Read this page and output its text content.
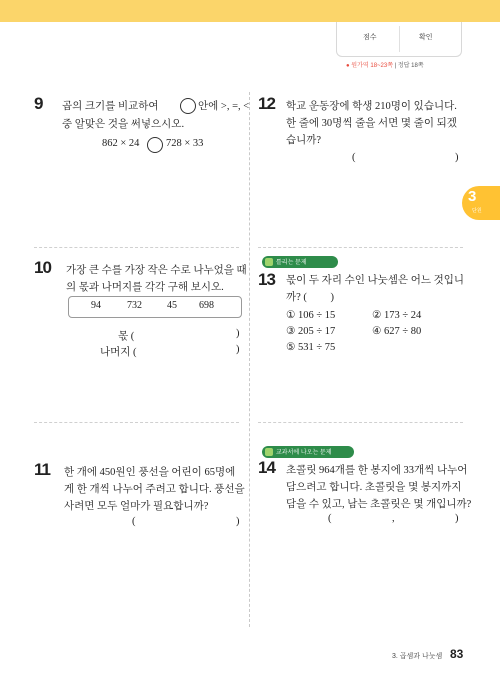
점수	확인
● 원가역 18~23쪽 | 정답 18쪽
3
단원
9 곱의 크기를 비교하여	안에 >, =, <
중 알맞은 것을 써넣으시오.
862 × 24	728 × 33
10 가장 큰 수를 가장 작은 수로 나누었을 때
의 몫과 나머지를 각각 구해 보시오.
94	732	45 698
몫 (	)
나머지 (	)
11 한 개에 450원인 풍선을 어린이 65명에
게 한 개씩 나누어 주려고 합니다. 풍선을
사려면 모두 얼마가 필요합니까?
(	)
12 학교 운동장에 학생 210명이 있습니다.
한 줄에 30명씩 줄을 서면 몇 줄이 되겠
습니까?
(	)
틀리는 문제
13 몫이 두 자리 수인 나눗셈은 어느 것입니
까? (         )
① 106 ÷ 15	② 173 ÷ 24
③ 205 ÷ 17	④ 627 ÷ 80
⑤ 531 ÷ 75
교과서에 나오는 문제
14 초콜릿 964개를 한 봉지에 33개씩 나누어
담으려고 합니다. 초콜릿을 몇 봉지까지
담을 수 있고, 남는 초콜릿은 몇 개입니까?
(	,	)
3. 곱셈과 나눗셈 83
